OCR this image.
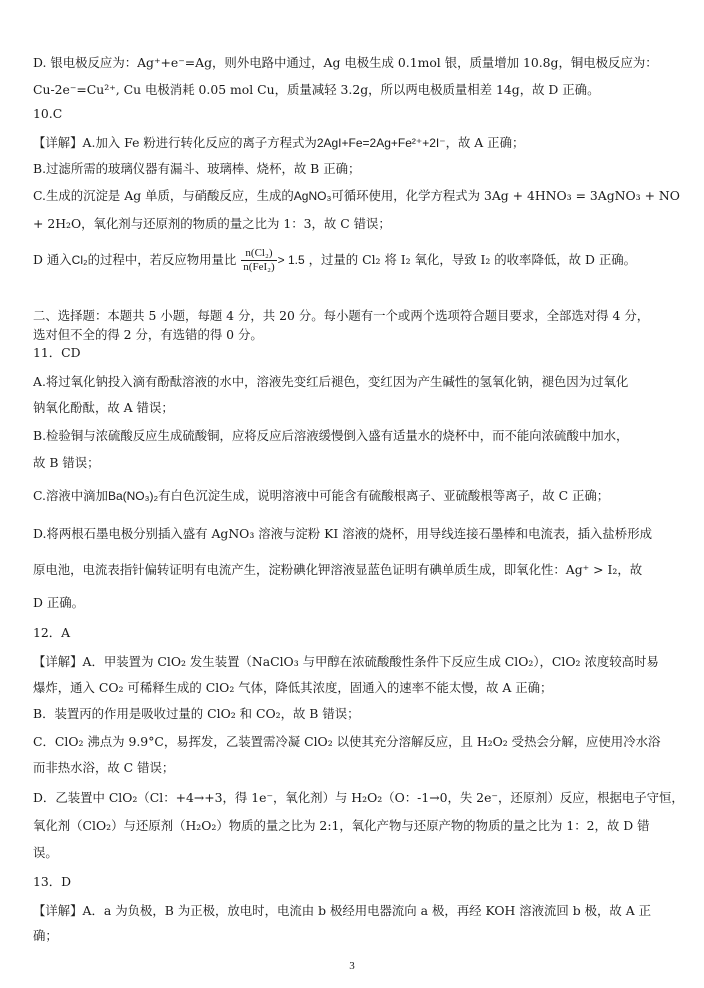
D. 银电极反应为：Ag⁺+e⁻=Ag，则外电路中通过，Ag 电极生成 0.1mol 银，质量增加 10.8g，铜电极反应为：
Cu-2e⁻=Cu²⁺, Cu 电极消耗 0.05 mol Cu，质量减轻 3.2g，所以两电极质量相差 14g，故 D 正确。
10.C
【详解】A.加入 Fe 粉进行转化反应的离子方程式为2AgI+Fe=2Ag+Fe²⁺+2I⁻，故 A 正确；
B.过滤所需的玻璃仪器有漏斗、玻璃棒、烧杯，故 B 正确；
C.生成的沉淀是 Ag 单质，与硝酸反应，生成的AgNO₃可循环使用，化学方程式为 3Ag + 4HNO₃ = 3AgNO₃ + NO
+ 2H₂O，氧化剂与还原剂的物质的量之比为 1：3，故 C 错误；
D 通入Cl₂的过程中，若反应物用量比 $\frac{\text{n(Cl₂)}}{\text{n(FeI₂)}} > 1.5$ ，过量的 Cl₂ 将 I₂ 氧化，导致 I₂ 的收率降低，故 D 正确。
二、选择题：本题共 5 小题，每题 4 分，共 20 分。每小题有一个或两个选项符合题目要求，全部选对得 4 分，
选对但不全的得 2 分，有选错的得 0 分。
11．CD
A.将过氧化钠投入滴有酚酞溶液的水中，溶液先变红后褪色，变红因为产生碱性的氢氧化钠，褪色因为过氧化
钠氧化酚酞，故 A 错误；
B.检验铜与浓硫酸反应生成硫酸铜，应将反应后溶液缓慢倒入盛有适量水的烧杯中，而不能向浓硫酸中加水，
故 B 错误；
C.溶液中滴加Ba(NO₃)₂有白色沉淀生成，说明溶液中可能含有硫酸根离子、亚硫酸根等离子，故 C 正确；
D.将两根石墨电极分别插入盛有 AgNO₃ 溶液与淀粉 KI 溶液的烧杯，用导线连接石墨棒和电流表，插入盐桥形成
原电池，电流表指针偏转证明有电流产生，淀粉碘化钾溶液显蓝色证明有碘单质生成，即氧化性：Ag⁺ > I₂，故
D 正确。
12．A
【详解】A．甲装置为 ClO₂ 发生装置（NaClO₃ 与甲醇在浓硫酸酸性条件下反应生成 ClO₂），ClO₂ 浓度较高时易
爆炸，通入 CO₂ 可稀释生成的 ClO₂ 气体，降低其浓度，固通入的速率不能太慢，故 A 正确；
B．装置丙的作用是吸收过量的 ClO₂ 和 CO₂，故 B 错误；
C．ClO₂ 沸点为 9.9°C，易挥发，乙装置需冷凝 ClO₂ 以使其充分溶解反应，且 H₂O₂ 受热会分解，应使用冷水浴
而非热水浴，故 C 错误；
D．乙装置中 ClO₂（Cl：+4→+3，得 1e⁻，氧化剂）与 H₂O₂（O：-1→0，失 2e⁻，还原剂）反应，根据电子守恒，
氧化剂（ClO₂）与还原剂（H₂O₂）物质的量之比为 2:1，氧化产物与还原产物的物质的量之比为 1：2，故 D 错
误。
13．D
【详解】A．a 为负极，B 为正极，放电时，电流由 b 极经用电器流向 a 极，再经 KOH 溶液流回 b 极，故 A 正
确；
3
